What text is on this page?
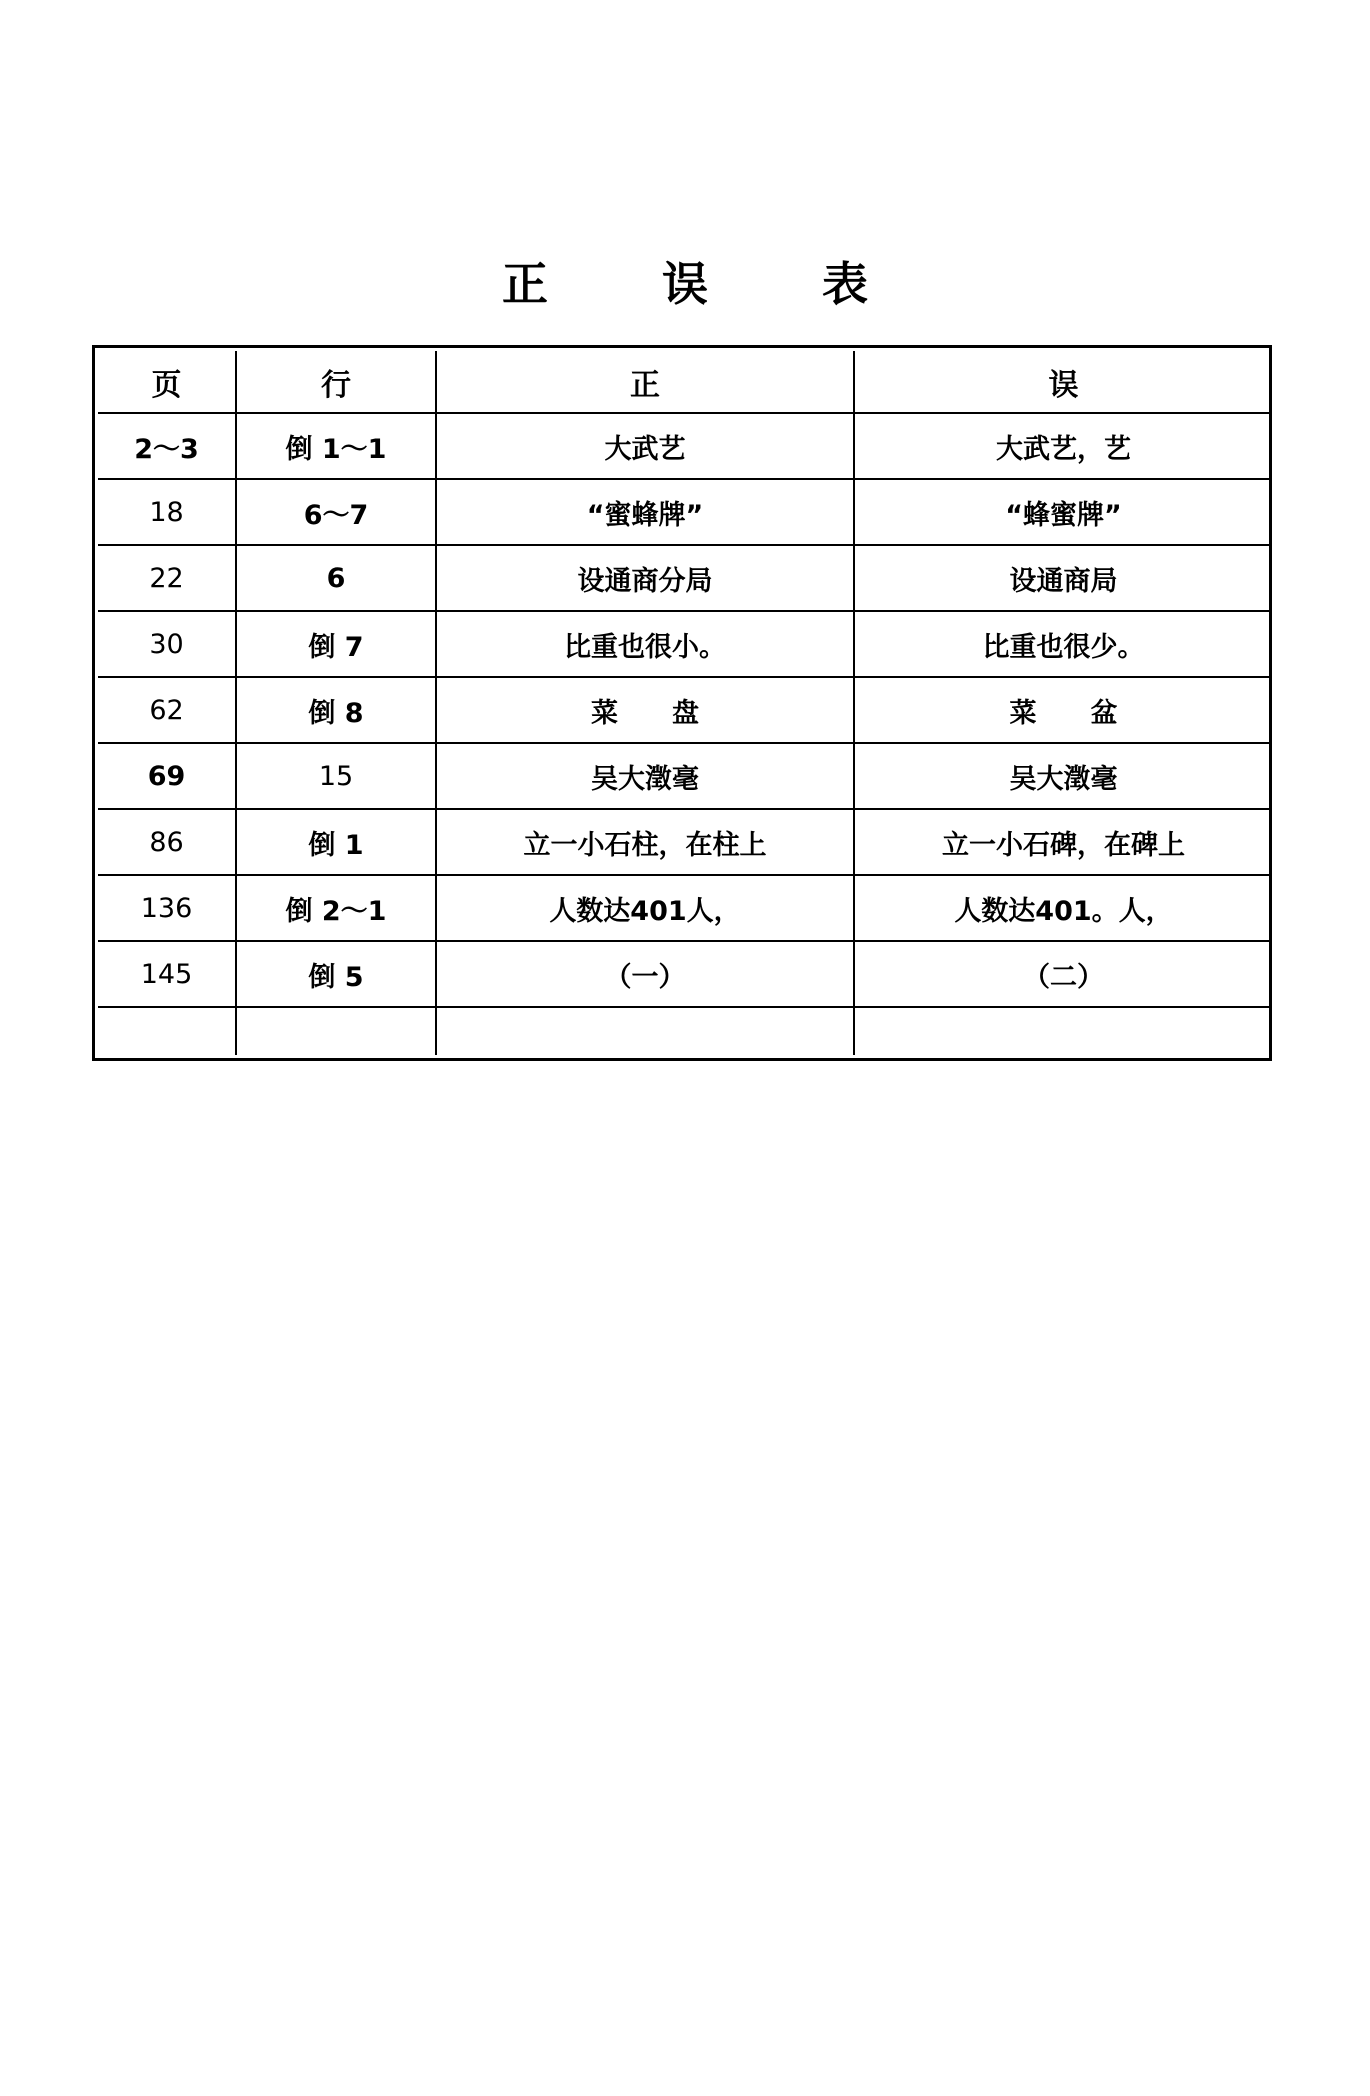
正　误　表
页	行	正	误
2～3	倒 1～1	大武艺	大武艺，艺
18	6～7	“蜜蜂牌”	“蜂蜜牌”
22	6	设通商分局	设通商局
30	倒 7	比重也很小。	比重也很少。
62	倒 8	菜　　盘	菜　　盆
69	15	吴大澂毫	吴大澂毫
86	倒 1	立一小石柱，在柱上	立一小石碑，在碑上
136	倒 2～1	人数达401人，	人数达401。人，
145	倒 5	（一）	（二）
